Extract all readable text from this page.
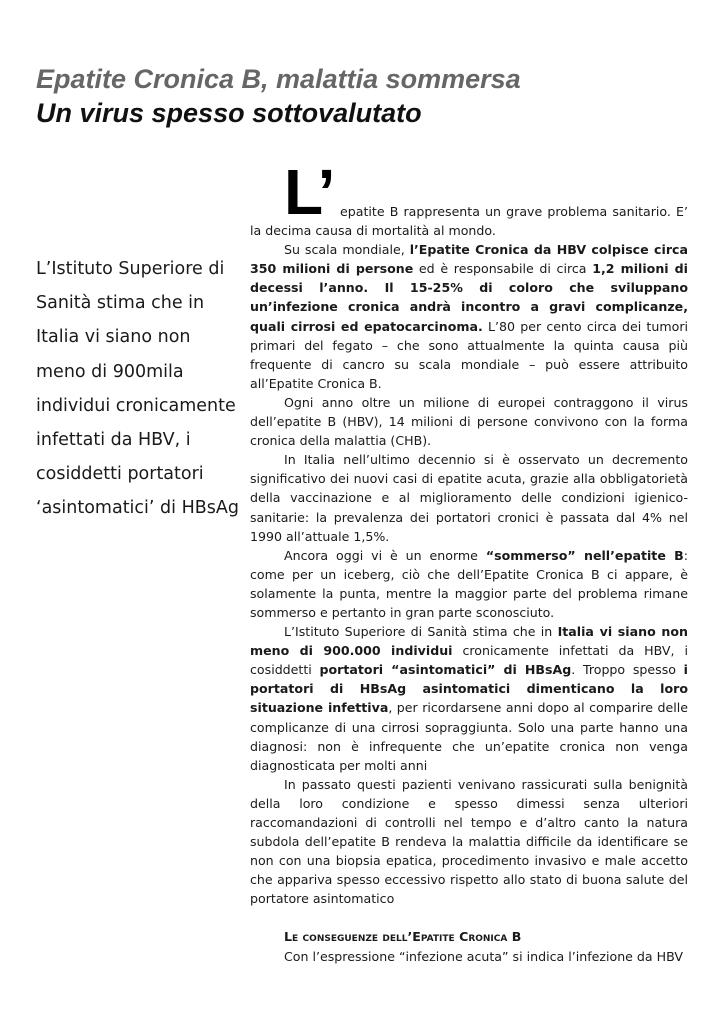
Epatite Cronica B, malattia sommersa
Un virus spesso sottovalutato

L’Istituto Superiore di Sanità stima che in Italia vi siano non meno di 900mila individui cronicamente infettati da HBV, i cosiddetti portatori ‘asintomatici’ di HBsAg

L’ epatite B rappresenta un grave problema sanitario. E’ la decima causa di mortalità al mondo.

Su scala mondiale, l’Epatite Cronica da HBV colpisce circa 350 milioni di persone ed è responsabile di circa 1,2 milioni di decessi l’anno. Il 15-25% di coloro che sviluppano un’infezione cronica andrà incontro a gravi complicanze, quali cirrosi ed epatocarcinoma. L’80 per cento circa dei tumori primari del fegato – che sono attualmente la quinta causa più frequente di cancro su scala mondiale – può essere attribuito all’Epatite Cronica B.

Ogni anno oltre un milione di europei contraggono il virus dell’epatite B (HBV), 14 milioni di persone convivono con la forma cronica della malattia (CHB).

In Italia nell’ultimo decennio si è osservato un decremento significativo dei nuovi casi di epatite acuta, grazie alla obbligatorietà della vaccinazione e al miglioramento delle condizioni igienico-sanitarie: la prevalenza dei portatori cronici è passata dal 4% nel 1990 all’attuale 1,5%.

Ancora oggi vi è un enorme “sommerso” nell’epatite B: come per un iceberg, ciò che dell’Epatite Cronica B ci appare, è solamente la punta, mentre la maggior parte del problema rimane sommerso e pertanto in gran parte sconosciuto.

L’Istituto Superiore di Sanità stima che in Italia vi siano non meno di 900.000 individui cronicamente infettati da HBV, i cosiddetti portatori “asintomatici” di HBsAg. Troppo spesso i portatori di HBsAg asintomatici dimenticano la loro situazione infettiva, per ricordarsene anni dopo al comparire delle complicanze di una cirrosi sopraggiunta. Solo una parte hanno una diagnosi: non è infrequente che un’epatite cronica non venga diagnosticata per molti anni

In passato questi pazienti venivano rassicurati sulla benignità della loro condizione e spesso dimessi senza ulteriori raccomandazioni di controlli nel tempo e d’altro canto la natura subdola dell’epatite B rendeva la malattia difficile da identificare se non con una biopsia epatica, procedimento invasivo e male accetto che appariva spesso eccessivo rispetto allo stato di buona salute del portatore asintomatico

Le conseguenze dell’Epatite Cronica B

Con l’espressione “infezione acuta” si indica l’infezione da HBV
